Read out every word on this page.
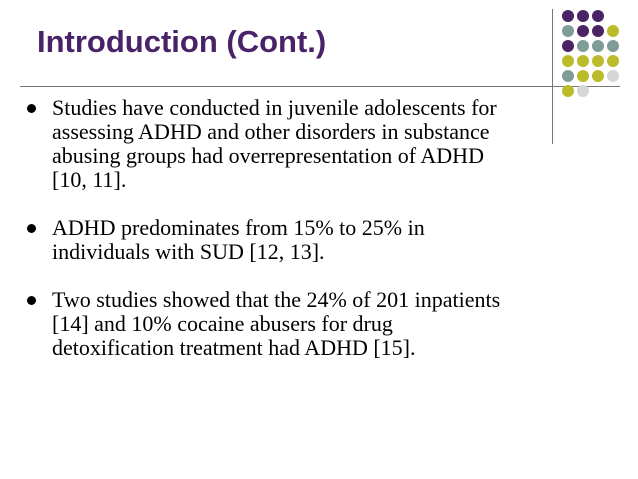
Introduction (Cont.)
Studies have conducted in juvenile adolescents for
assessing ADHD and other disorders in substance
abusing groups had overrepresentation of ADHD
[10, 11].
ADHD predominates from 15% to 25% in
individuals with SUD [12, 13].
Two studies showed that the 24% of 201 inpatients
[14] and 10% cocaine abusers for drug
detoxification treatment had ADHD [15].
